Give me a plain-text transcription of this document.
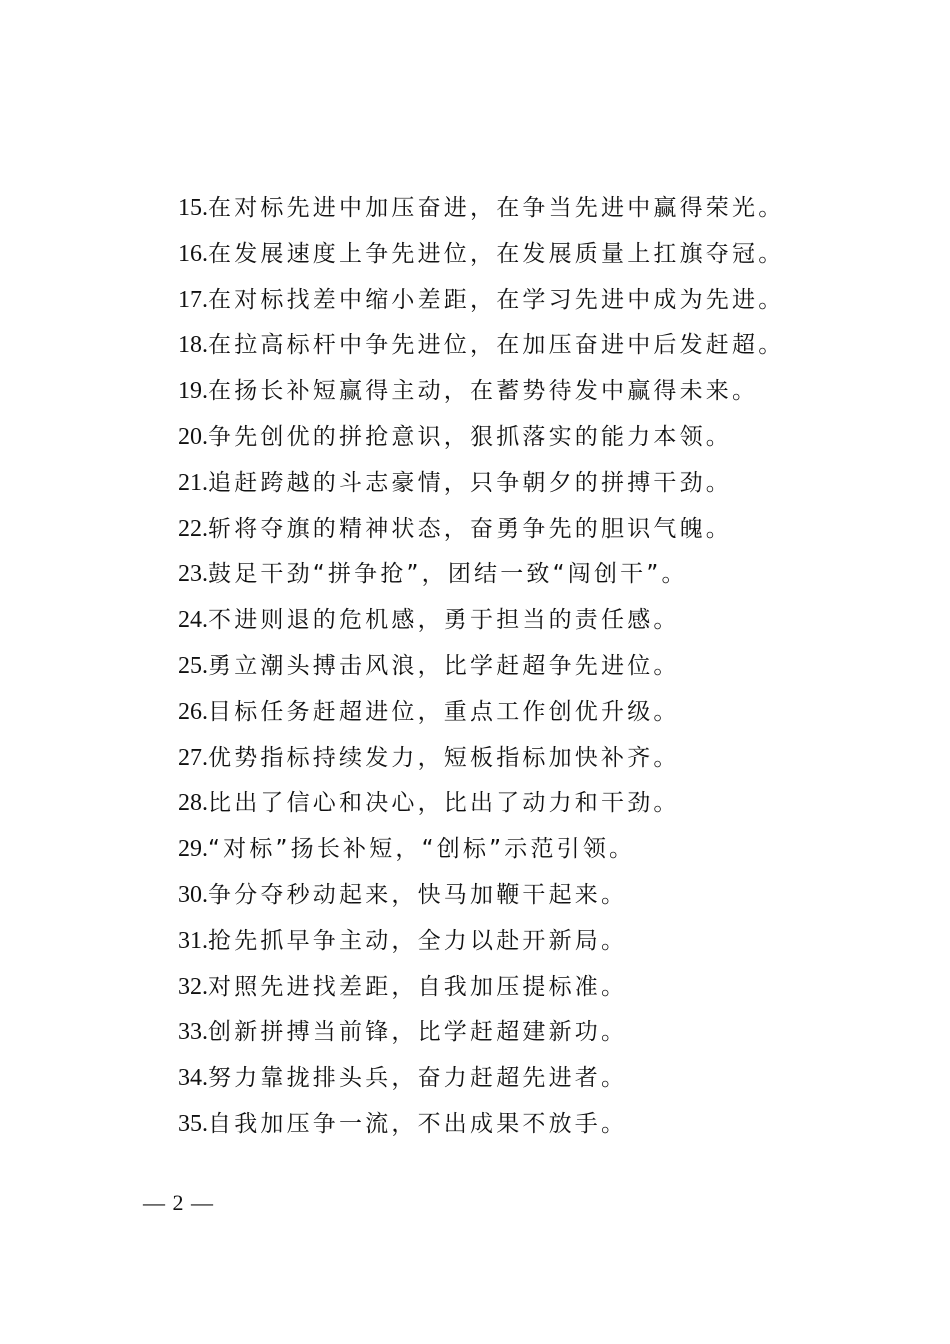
15. 在对标先进中加压奋进，在争当先进中赢得荣光。
16. 在发展速度上争先进位，在发展质量上扛旗夺冠。
17. 在对标找差中缩小差距，在学习先进中成为先进。
18. 在拉高标杆中争先进位，在加压奋进中后发赶超。
19. 在扬长补短赢得主动，在蓄势待发中赢得未来。
20. 争先创优的拼抢意识，狠抓落实的能力本领。
21. 追赶跨越的斗志豪情，只争朝夕的拼搏干劲。
22. 斩将夺旗的精神状态，奋勇争先的胆识气魄。
23. 鼓足干劲“拼争抢”，团结一致“闯创干”。
24. 不进则退的危机感，勇于担当的责任感。
25. 勇立潮头搏击风浪，比学赶超争先进位。
26. 目标任务赶超进位，重点工作创优升级。
27. 优势指标持续发力，短板指标加快补齐。
28. 比出了信心和决心，比出了动力和干劲。
29. “对标”扬长补短，“创标”示范引领。
30. 争分夺秒动起来，快马加鞭干起来。
31. 抢先抓早争主动，全力以赴开新局。
32. 对照先进找差距，自我加压提标准。
33. 创新拼搏当前锋，比学赶超建新功。
34. 努力靠拢排头兵，奋力赶超先进者。
35. 自我加压争一流，不出成果不放手。
— 2 —
